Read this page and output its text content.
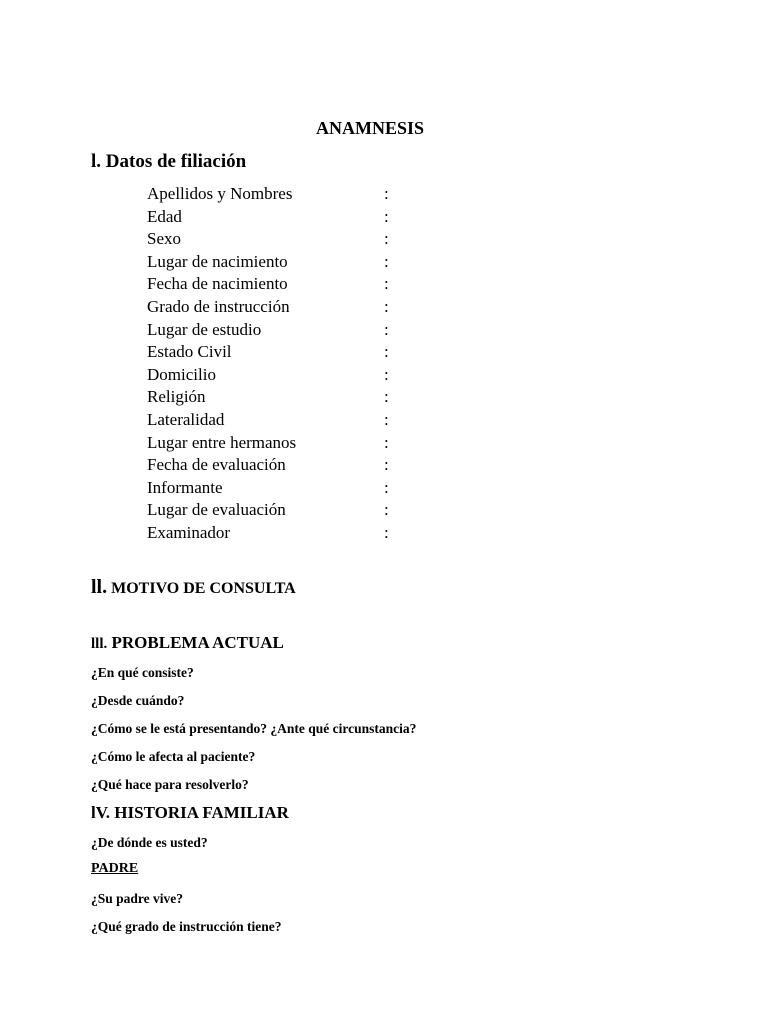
ANAMNESIS
l. Datos de filiación
Apellidos y Nombres	:
Edad	:
Sexo	:
Lugar de nacimiento	:
Fecha de nacimiento	:
Grado de instrucción	:
Lugar de estudio	:
Estado Civil	:
Domicilio	:
Religión	:
Lateralidad	:
Lugar entre hermanos	:
Fecha de evaluación	:
Informante	:
Lugar de evaluación	:
Examinador	:
ll. MOTIVO DE CONSULTA
lll. PROBLEMA ACTUAL
¿En qué consiste?
¿Desde cuándo?
¿Cómo se le está presentando? ¿Ante qué circunstancia?
¿Cómo le afecta al paciente?
¿Qué hace para resolverlo?
lV. HISTORIA FAMILIAR
¿De dónde es usted?
PADRE
¿Su padre vive?
¿Qué grado de instrucción tiene?
